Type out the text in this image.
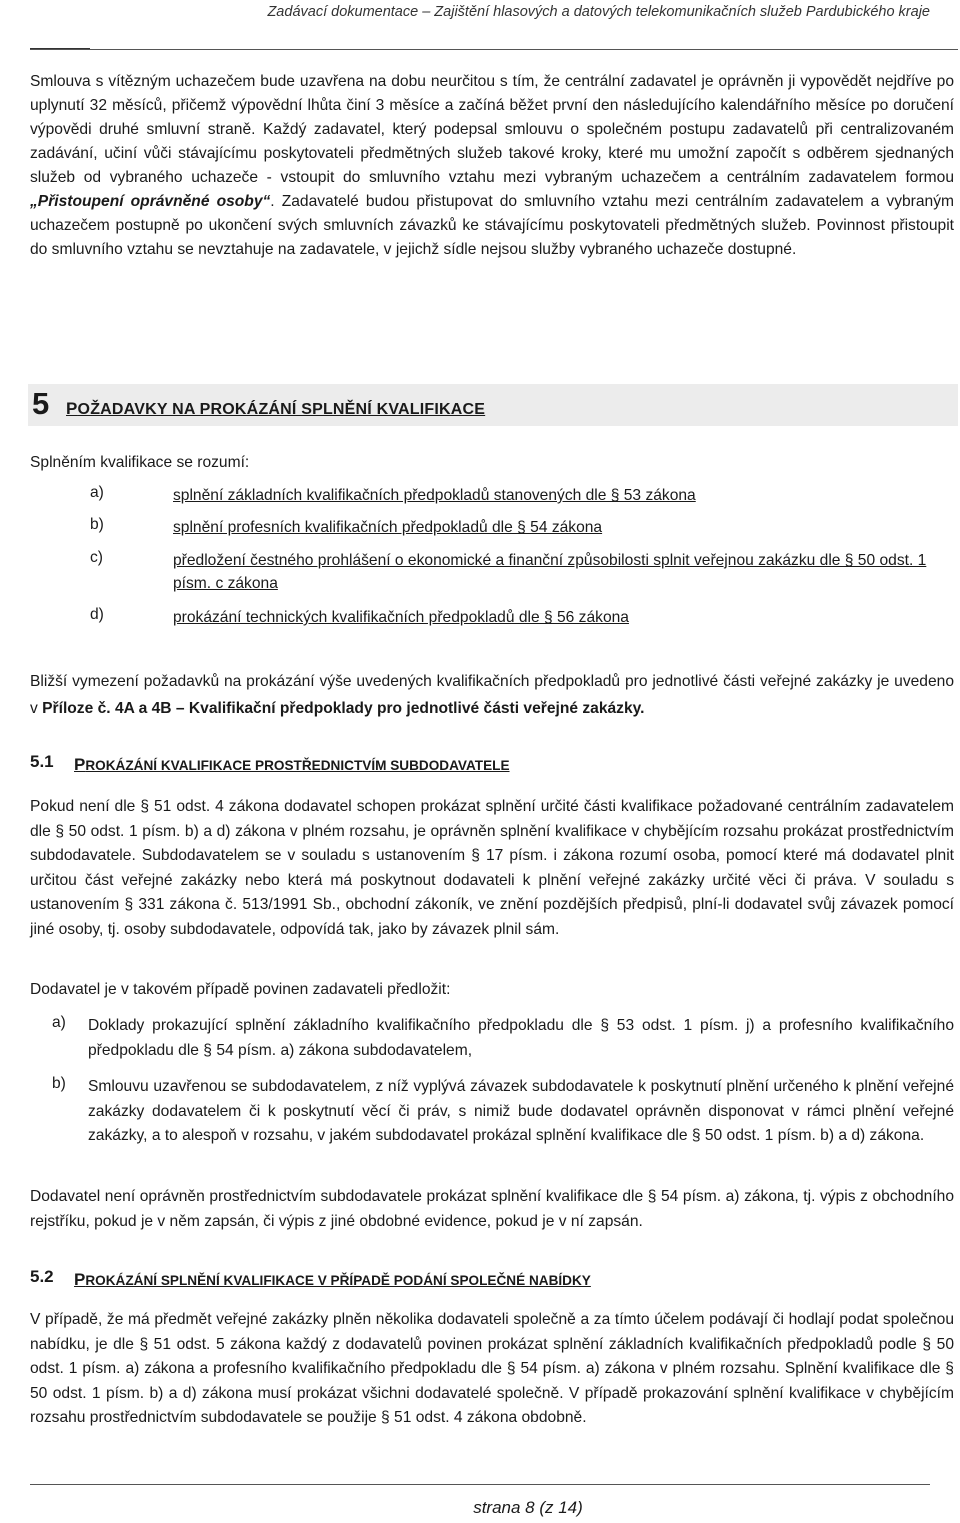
Zadávací dokumentace – Zajištění hlasových a datových telekomunikačních služeb Pardubického kraje
Smlouva s vítězným uchazečem bude uzavřena na dobu neurčitou s tím, že centrální zadavatel je oprávněn ji vypovědět nejdříve po uplynutí 32 měsíců, přičemž výpovědní lhůta činí 3 měsíce a začíná běžet první den následujícího kalendářního měsíce po doručení výpovědi druhé smluvní straně. Každý zadavatel, který podepsal smlouvu o společném postupu zadavatelů při centralizovaném zadávání, učiní vůči stávajícímu poskytovateli předmětných služeb takové kroky, které mu umožní započít s odběrem sjednaných služeb od vybraného uchazeče - vstoupit do smluvního vztahu mezi vybraným uchazečem a centrálním zadavatelem formou „Přistoupení oprávněné osoby“. Zadavatelé budou přistupovat do smluvního vztahu mezi centrálním zadavatelem a vybraným uchazečem postupně po ukončení svých smluvních závazků ke stávajícímu poskytovateli předmětných služeb. Povinnost přistoupit do smluvního vztahu se nevztahuje na zadavatele, v jejichž sídle nejsou služby vybraného uchazeče dostupné.
5 POŽADAVKY NA PROKÁZÁNÍ SPLNĚNÍ KVALIFIKACE
Splněním kvalifikace se rozumí:
a)	splnění základních kvalifikačních předpokladů stanovených dle § 53 zákona
b)	splnění profesních kvalifikačních předpokladů dle § 54 zákona
c)	předložení čestného prohlášení o ekonomické a finanční způsobilosti splnit veřejnou zakázku dle § 50 odst. 1 písm. c zákona
d)	prokázání technických kvalifikačních předpokladů dle § 56 zákona
Bližší vymezení požadavků na prokázání výše uvedených kvalifikačních předpokladů pro jednotlivé části veřejné zakázky je uvedeno v Příloze č. 4A a 4B – Kvalifikační předpoklady pro jednotlivé části veřejné zakázky.
5.1 PROKÁZÁNÍ KVALIFIKACE PROSTŘEDNICTVÍM SUBDODAVATELE
Pokud není dle § 51 odst. 4 zákona dodavatel schopen prokázat splnění určité části kvalifikace požadované centrálním zadavatelem dle § 50 odst. 1 písm. b) a d) zákona v plném rozsahu, je oprávněn splnění kvalifikace v chybějícím rozsahu prokázat prostřednictvím subdodavatele. Subdodavatelem se v souladu s ustanovením § 17 písm. i zákona rozumí osoba, pomocí které má dodavatel plnit určitou část veřejné zakázky nebo která má poskytnout dodavateli k plnění veřejné zakázky určité věci či práva. V souladu s ustanovením § 331 zákona č. 513/1991 Sb., obchodní zákoník, ve znění pozdějších předpisů, plní-li dodavatel svůj závazek pomocí jiné osoby, tj. osoby subdodavatele, odpovídá tak, jako by závazek plnil sám.
Dodavatel je v takovém případě povinen zadavateli předložit:
a) Doklady prokazující splnění základního kvalifikačního předpokladu dle § 53 odst. 1 písm. j) a profesního kvalifikačního předpokladu dle § 54 písm. a) zákona subdodavatelem,
b) Smlouvu uzavřenou se subdodavatelem, z níž vyplývá závazek subdodavatele k poskytnutí plnění určeného k plnění veřejné zakázky dodavatelem či k poskytnutí věcí či práv, s nimiž bude dodavatel oprávněn disponovat v rámci plnění veřejné zakázky, a to alespoň v rozsahu, v jakém subdodavatel prokázal splnění kvalifikace dle § 50 odst. 1 písm. b) a d) zákona.
Dodavatel není oprávněn prostřednictvím subdodavatele prokázat splnění kvalifikace dle § 54 písm. a) zákona, tj. výpis z obchodního rejstříku, pokud je v něm zapsán, či výpis z jiné obdobné evidence, pokud je v ní zapsán.
5.2 PROKÁZÁNÍ SPLNĚNÍ KVALIFIKACE V PŘÍPADĚ PODÁNÍ SPOLEČNÉ NABÍDKY
V případě, že má předmět veřejné zakázky plněn několika dodavateli společně a za tímto účelem podávají či hodlají podat společnou nabídku, je dle § 51 odst. 5 zákona každý z dodavatelů povinen prokázat splnění základních kvalifikačních předpokladů podle § 50 odst. 1 písm. a) zákona a profesního kvalifikačního předpokladu dle § 54 písm. a) zákona v plném rozsahu. Splnění kvalifikace dle § 50 odst. 1 písm. b) a d) zákona musí prokázat všichni dodavatelé společně. V případě prokazování splnění kvalifikace v chybějícím rozsahu prostřednictvím subdodavatele se použije § 51 odst. 4 zákona obdobně.
strana 8 (z 14)
